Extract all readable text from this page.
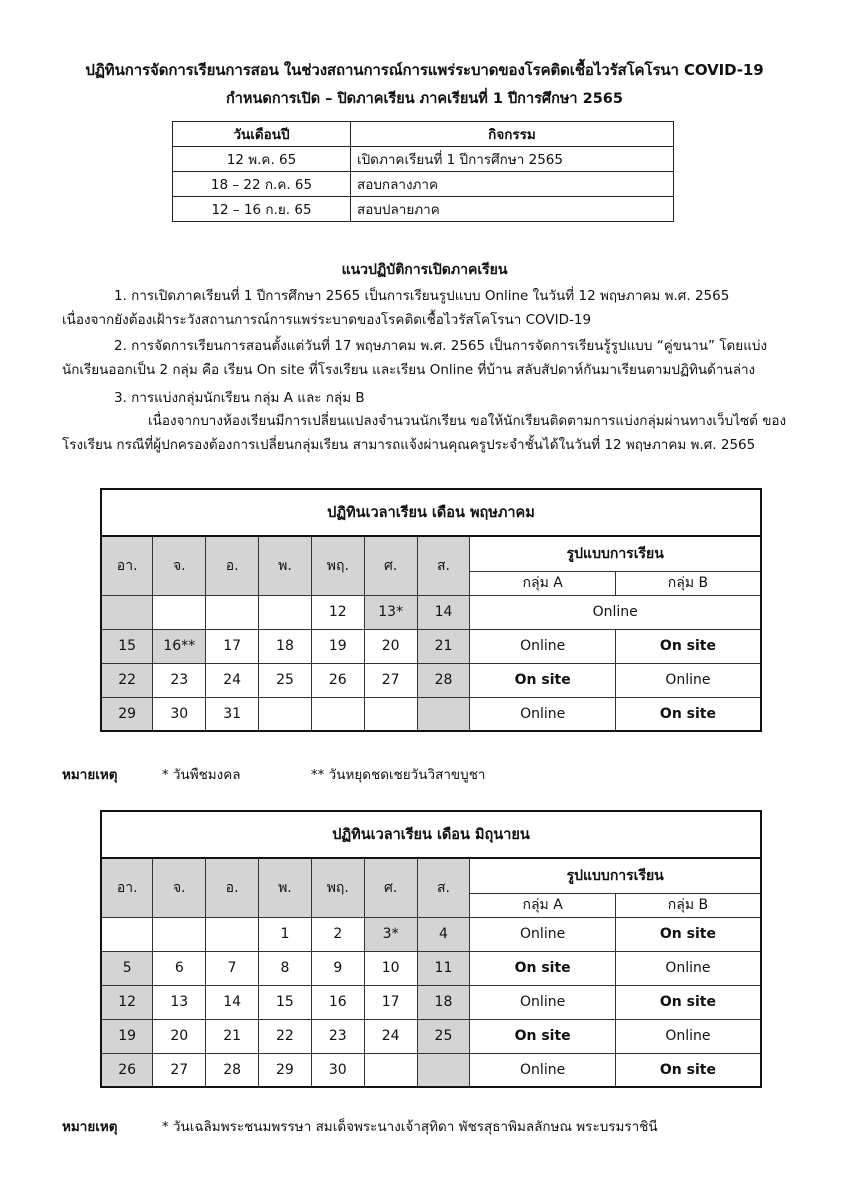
ปฏิทินการจัดการเรียนการสอน ในช่วงสถานการณ์การแพร่ระบาดของโรคติดเชื้อไวรัสโคโรนา COVID-19
กำหนดการเปิด – ปิดภาคเรียน ภาคเรียนที่ 1 ปีการศึกษา 2565
วันเดือนปี	กิจกรรม
12 พ.ค. 65	เปิดภาคเรียนที่ 1 ปีการศึกษา 2565
18 – 22 ก.ค. 65	สอบกลางภาค
12 – 16 ก.ย. 65	สอบปลายภาค
แนวปฏิบัติการเปิดภาคเรียน
1. การเปิดภาคเรียนที่ 1 ปีการศึกษา 2565 เป็นการเรียนรูปแบบ Online ในวันที่ 12 พฤษภาคม พ.ศ. 2565
เนื่องจากยังต้องเฝ้าระวังสถานการณ์การแพร่ระบาดของโรคติดเชื้อไวรัสโคโรนา COVID-19
2. การจัดการเรียนการสอนตั้งแต่วันที่ 17 พฤษภาคม พ.ศ. 2565 เป็นการจัดการเรียนรู้รูปแบบ “คู่ขนาน” โดยแบ่ง
นักเรียนออกเป็น 2 กลุ่ม คือ เรียน On site ที่โรงเรียน และเรียน Online ที่บ้าน สลับสัปดาห์กันมาเรียนตามปฏิทินด้านล่าง
3. การแบ่งกลุ่มนักเรียน กลุ่ม A และ กลุ่ม B
เนื่องจากบางห้องเรียนมีการเปลี่ยนแปลงจำนวนนักเรียน ขอให้นักเรียนติดตามการแบ่งกลุ่มผ่านทางเว็บไซต์ ของ
โรงเรียน กรณีที่ผู้ปกครองต้องการเปลี่ยนกลุ่มเรียน สามารถแจ้งผ่านคุณครูประจำชั้นได้ในวันที่ 12 พฤษภาคม พ.ศ. 2565
ปฏิทินเวลาเรียน เดือน พฤษภาคม								
อา.	จ.	อ.	พ.	พฤ.	ศ.	ส.	รูปแบบการเรียน	
							กลุ่ม A	กลุ่ม B
				12	13*	14	Online	
15	16**	17	18	19	20	21	Online	On site
22	23	24	25	26	27	28	On site	Online
29	30	31					Online	On site
หมายเหตุ	* วันพืชมงคล	** วันหยุดชดเชยวันวิสาขบูชา
ปฏิทินเวลาเรียน เดือน มิถุนายน								
อา.	จ.	อ.	พ.	พฤ.	ศ.	ส.	รูปแบบการเรียน	
							กลุ่ม A	กลุ่ม B
			1	2	3*	4	Online	On site
5	6	7	8	9	10	11	On site	Online
12	13	14	15	16	17	18	Online	On site
19	20	21	22	23	24	25	On site	Online
26	27	28	29	30			Online	On site
หมายเหตุ	* วันเฉลิมพระชนมพรรษา สมเด็จพระนางเจ้าสุทิดา พัชรสุธาพิมลลักษณ พระบรมราชินี
